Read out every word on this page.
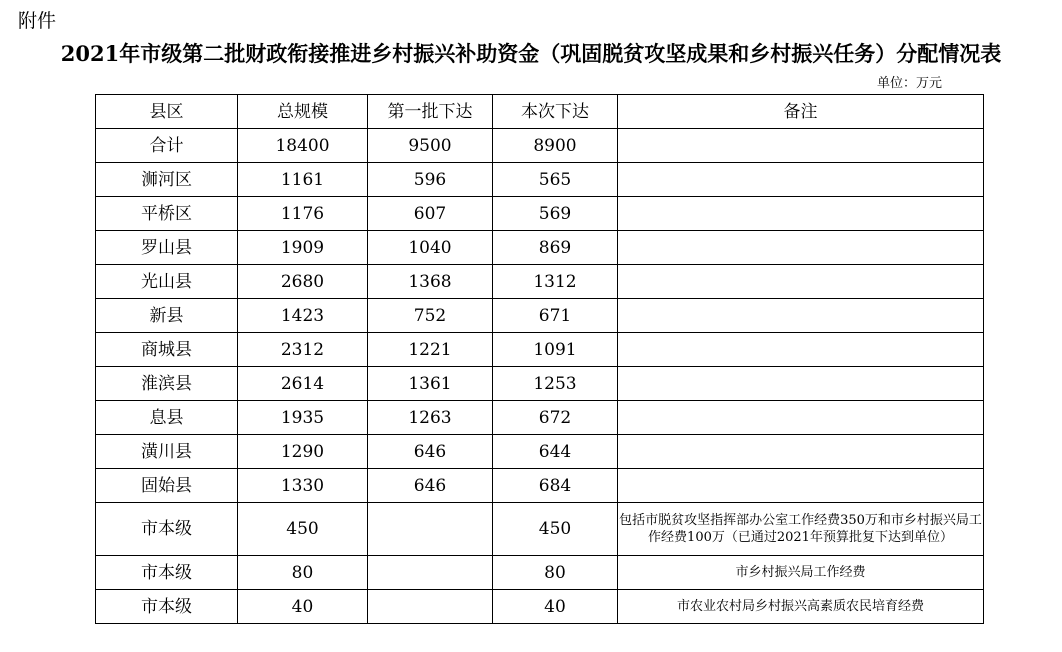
附件
2021年市级第二批财政衔接推进乡村振兴补助资金（巩固脱贫攻坚成果和乡村振兴任务）分配情况表
单位：万元
县区	总规模	第一批下达	本次下达	备注
合计	18400	9500	8900	
浉河区	1161	596	565	
平桥区	1176	607	569	
罗山县	1909	1040	869	
光山县	2680	1368	1312	
新县	1423	752	671	
商城县	2312	1221	1091	
淮滨县	2614	1361	1253	
息县	1935	1263	672	
潢川县	1290	646	644	
固始县	1330	646	684	
市本级	450		450	包括市脱贫攻坚指挥部办公室工作经费350万和市乡村振兴局工作经费100万（已通过2021年预算批复下达到单位）
市本级	80		80	市乡村振兴局工作经费
市本级	40		40	市农业农村局乡村振兴高素质农民培育经费
